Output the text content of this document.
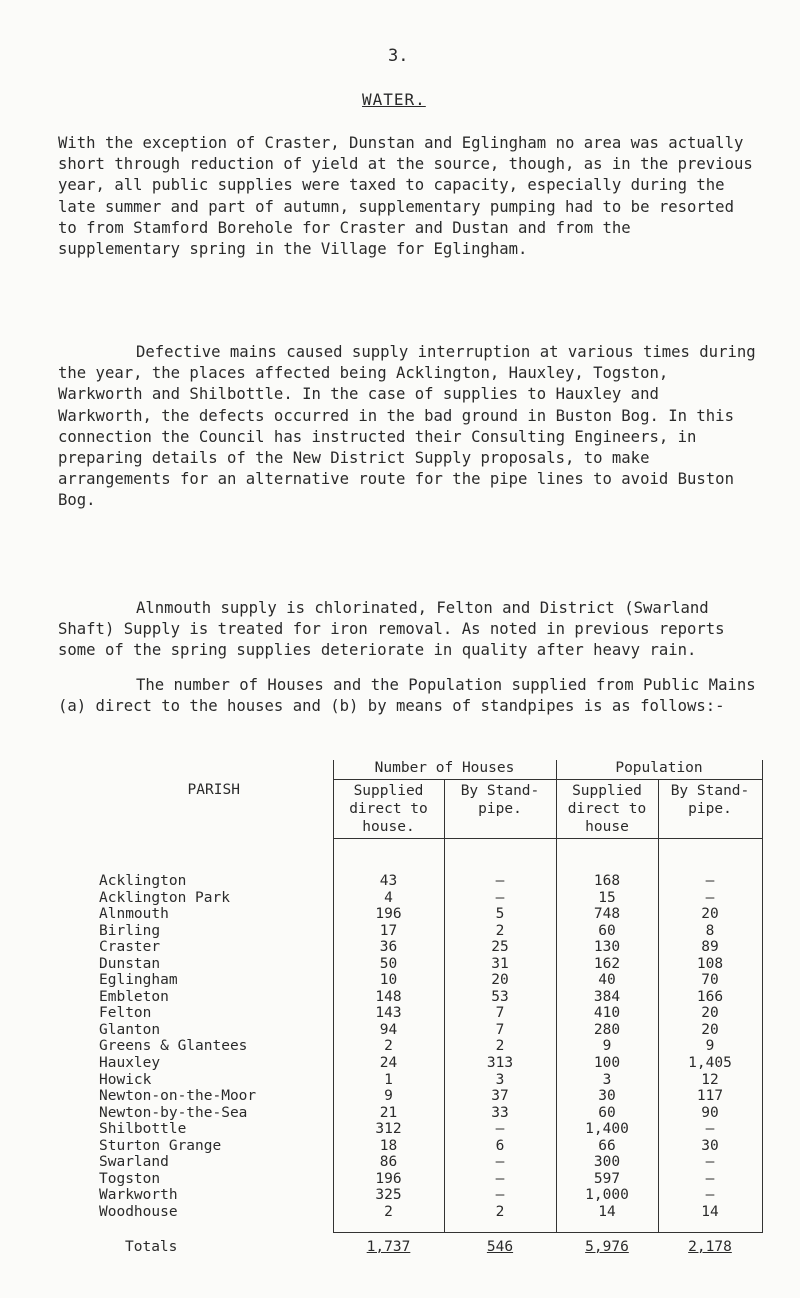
3.
WATER.

With the exception of Craster, Dunstan and Eglingham no area was actually short through reduction of yield at the source, though, as in the previous year, all public supplies were taxed to capacity, especially during the late summer and part of autumn, supplementary pumping had to be resorted to from Stamford Borehole for Craster and Dustan and from the supplementary spring in the Village for Eglingham.

Defective mains caused supply interruption at various times during the year, the places affected being Acklington, Hauxley, Togston, Warkworth and Shilbottle. In the case of supplies to Hauxley and Warkworth, the defects occurred in the bad ground in Buston Bog. In this connection the Council has instructed their Consulting Engineers, in preparing details of the New District Supply proposals, to make arrangements for an alternative route for the pipe lines to avoid Buston Bog.

Alnmouth supply is chlorinated, Felton and District (Swarland Shaft) Supply is treated for iron removal. As noted in previous reports some of the spring supplies deteriorate in quality after heavy rain.

The number of Houses and the Population supplied from Public Mains (a) direct to the houses and (b) by means of standpipes is as follows:-

PARISH	Number of Houses		Population	
	Supplied direct to house.	By Stand- pipe.	Supplied direct to house	By Stand- pipe.

Acklington	43	–	168	–
Acklington Park	4	–	15	–
Alnmouth	196	5	748	20
Birling	17	2	60	8
Craster	36	25	130	89
Dunstan	50	31	162	108
Eglingham	10	20	40	70
Embleton	148	53	384	166
Felton	143	7	410	20
Glanton	94	7	280	20
Greens & Glantees	2	2	9	9
Hauxley	24	313	100	1,405
Howick	1	3	3	12
Newton-on-the-Moor	9	37	30	117
Newton-by-the-Sea	21	33	60	90
Shilbottle	312	–	1,400	–
Sturton Grange	18	6	66	30
Swarland	86	–	300	–
Togston	196	–	597	–
Warkworth	325	–	1,000	–
Woodhouse	2	2	14	14

Totals	1,737	546	5,976	2,178
